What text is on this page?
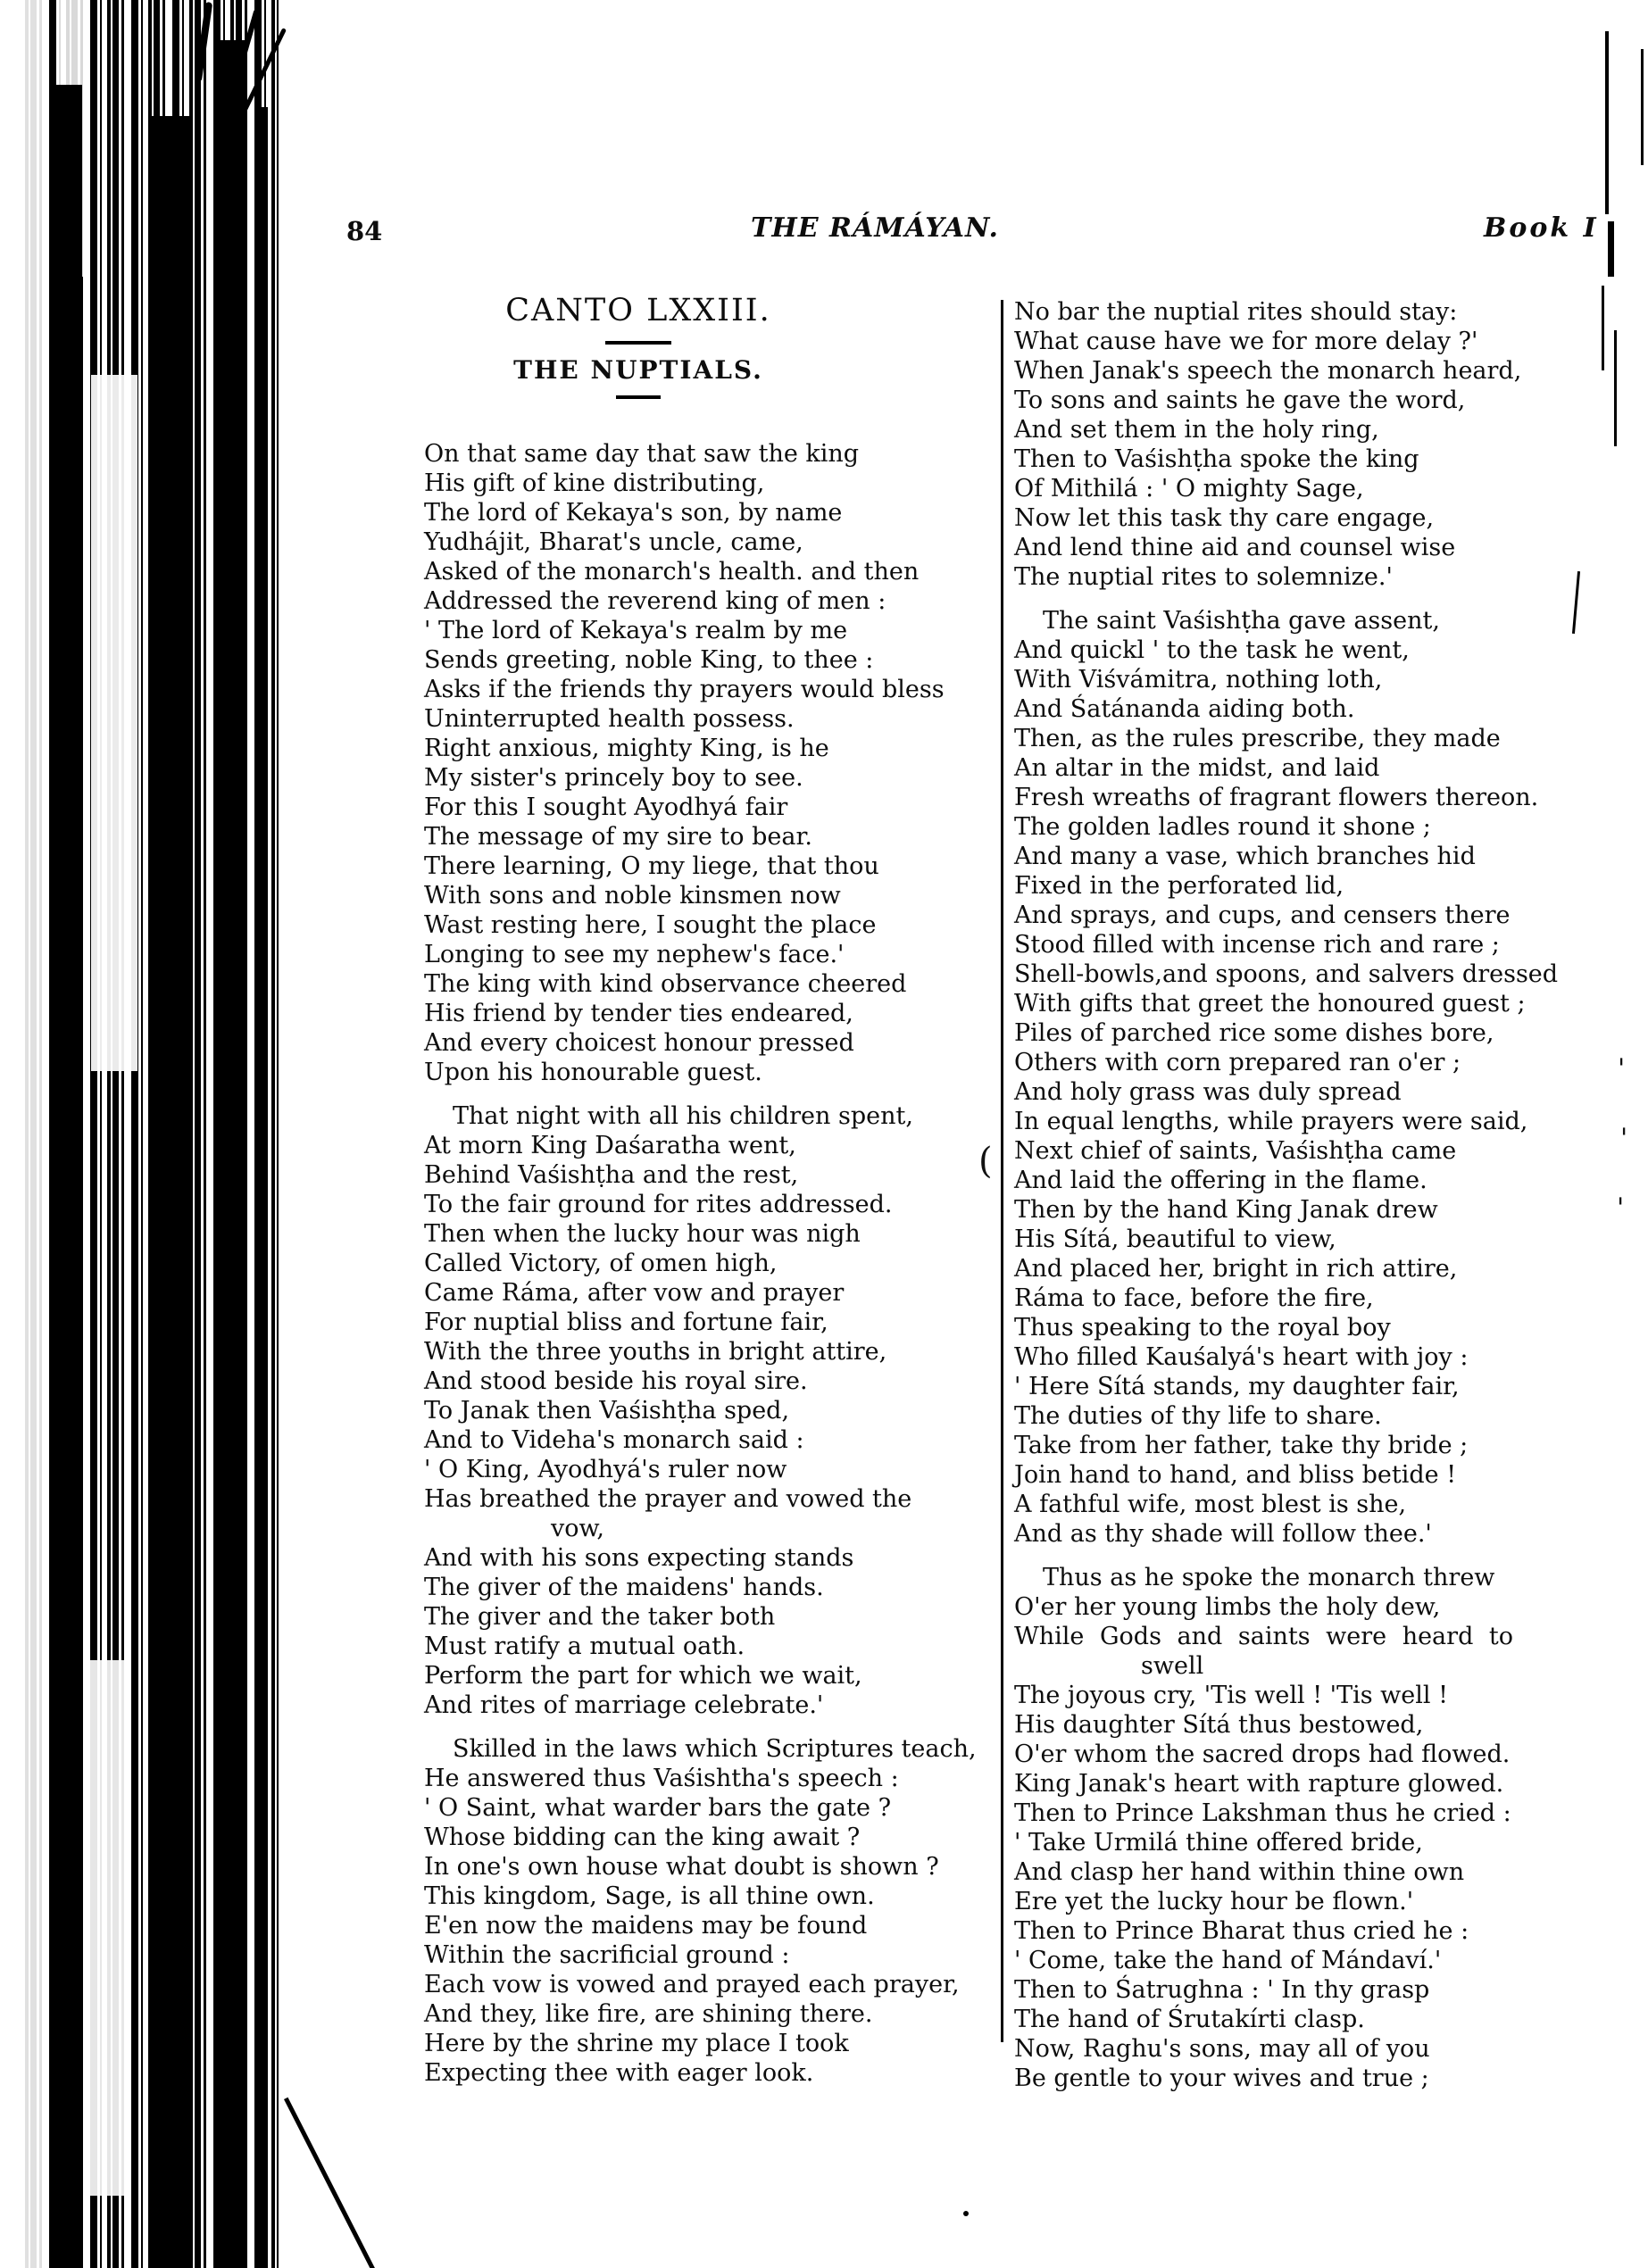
(
'
'
'
84	THE RÁMÁYAN.	Book I
CANTO LXXIII.
THE NUPTIALS.
On that same day that saw the king
His gift of kine distributing,
The lord of Kekaya's son, by name
Yudhájit, Bharat's uncle, came,
Asked of the monarch's health. and then
Addressed the reverend king of men :
' The lord of Kekaya's realm by me
Sends greeting, noble King, to thee :
Asks if the friends thy prayers would bless
Uninterrupted health possess.
Right anxious, mighty King, is he
My sister's princely boy to see.
For this I sought Ayodhyá fair
The message of my sire to bear.
There learning, O my liege, that thou
With sons and noble kinsmen now
Wast resting here, I sought the place
Longing to see my nephew's face.'
The king with kind observance cheered
His friend by tender ties endeared,
And every choicest honour pressed
Upon his honourable guest.
That night with all his children spent,
At morn King Daśaratha went,
Behind Vaśishṭha and the rest,
To the fair ground for rites addressed.
Then when the lucky hour was nigh
Called Victory, of omen high,
Came Ráma, after vow and prayer
For nuptial bliss and fortune fair,
With the three youths in bright attire,
And stood beside his royal sire.
To Janak then Vaśishṭha sped,
And to Videha's monarch said :
' O King, Ayodhyá's ruler now
Has breathed the prayer and vowed the
vow,
And with his sons expecting stands
The giver of the maidens' hands.
The giver and the taker both
Must ratify a mutual oath.
Perform the part for which we wait,
And rites of marriage celebrate.'
Skilled in the laws which Scriptures teach,
He answered thus Vaśishtha's speech :
' O Saint, what warder bars the gate ?
Whose bidding can the king await ?
In one's own house what doubt is shown ?
This kingdom, Sage, is all thine own.
E'en now the maidens may be found
Within the sacrificial ground :
Each vow is vowed and prayed each prayer,
And they, like fire, are shining there.
Here by the shrine my place I took
Expecting thee with eager look.
No bar the nuptial rites should stay:
What cause have we for more delay ?'
When Janak's speech the monarch heard,
To sons and saints he gave the word,
And set them in the holy ring,
Then to Vaśishṭha spoke the king
Of Mithilá : ' O mighty Sage,
Now let this task thy care engage,
And lend thine aid and counsel wise
The nuptial rites to solemnize.'
The saint Vaśishṭha gave assent,
And quickl ' to the task he went,
With Viśvámitra, nothing loth,
And Śatánanda aiding both.
Then, as the rules prescribe, they made
An altar in the midst, and laid
Fresh wreaths of fragrant flowers thereon.
The golden ladles round it shone ;
And many a vase, which branches hid
Fixed in the perforated lid,
And sprays, and cups, and censers there
Stood filled with incense rich and rare ;
Shell-bowls,and spoons, and salvers dressed
With gifts that greet the honoured guest ;
Piles of parched rice some dishes bore,
Others with corn prepared ran o'er ;
And holy grass was duly spread
In equal lengths, while prayers were said,
Next chief of saints, Vaśishṭha came
And laid the offering in the flame.
Then by the hand King Janak drew
His Sítá, beautiful to view,
And placed her, bright in rich attire,
Ráma to face, before the fire,
Thus speaking to the royal boy
Who filled Kauśalyá's heart with joy :
' Here Sítá stands, my daughter fair,
The duties of thy life to share.
Take from her father, take thy bride ;
Join hand to hand, and bliss betide !
A fathful wife, most blest is she,
And as thy shade will follow thee.'
Thus as he spoke the monarch threw
O'er her young limbs the holy dew,
While Gods and saints were heard to
swell
The joyous cry, 'Tis well ! 'Tis well !
His daughter Sítá thus bestowed,
O'er whom the sacred drops had flowed.
King Janak's heart with rapture glowed.
Then to Prince Lakshman thus he cried :
' Take Urmilá thine offered bride,
And clasp her hand within thine own
Ere yet the lucky hour be flown.'
Then to Prince Bharat thus cried he :
' Come, take the hand of Mándaví.'
Then to Śatrughna : ' In thy grasp
The hand of Śrutakírti clasp.
Now, Raghu's sons, may all of you
Be gentle to your wives and true ;
